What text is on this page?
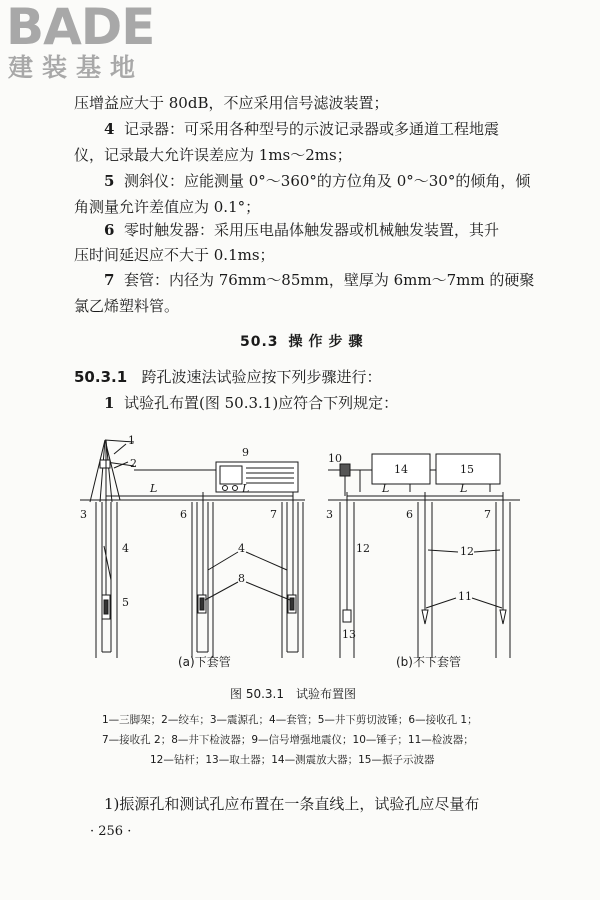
BADE
建装基地
压增益应大于 80dB，不应采用信号滤波装置；
4 记录器：可采用各种型号的示波记录器或多通道工程地震
仪，记录最大允许误差应为 1ms～2ms；
5 测斜仪：应能测量 0°～360°的方位角及 0°～30°的倾角，倾
角测量允许差值应为 0.1°；
6 零时触发器：采用压电晶体触发器或机械触发装置，其升
压时间延迟应不大于 0.1ms；
7 套管：内径为 76mm～85mm，壁厚为 6mm～7mm 的硬聚
氯乙烯塑料管。
50.3 操作步骤
50.3.1 跨孔波速法试验应按下列步骤进行：
1 试验孔布置(图 50.3.1)应符合下列规定：
1
2
3
4
5
6	7
4
8
9
L	L
10
14	15
3	6	7
12	12
13
11
L	L
(a)下套管	(b)不下套管
图 50.3.1　试验布置图
1—三脚架；2—绞车；3—震源孔；4—套管；5—井下剪切波锤；6—接收孔 1；
7—接收孔 2；8—井下检波器；9—信号增强地震仪；10—锤子；11—检波器；
12—钻杆；13—取土器；14—测震放大器；15—振子示波器
1)振源孔和测试孔应布置在一条直线上，试验孔应尽量布
· 256 ·
